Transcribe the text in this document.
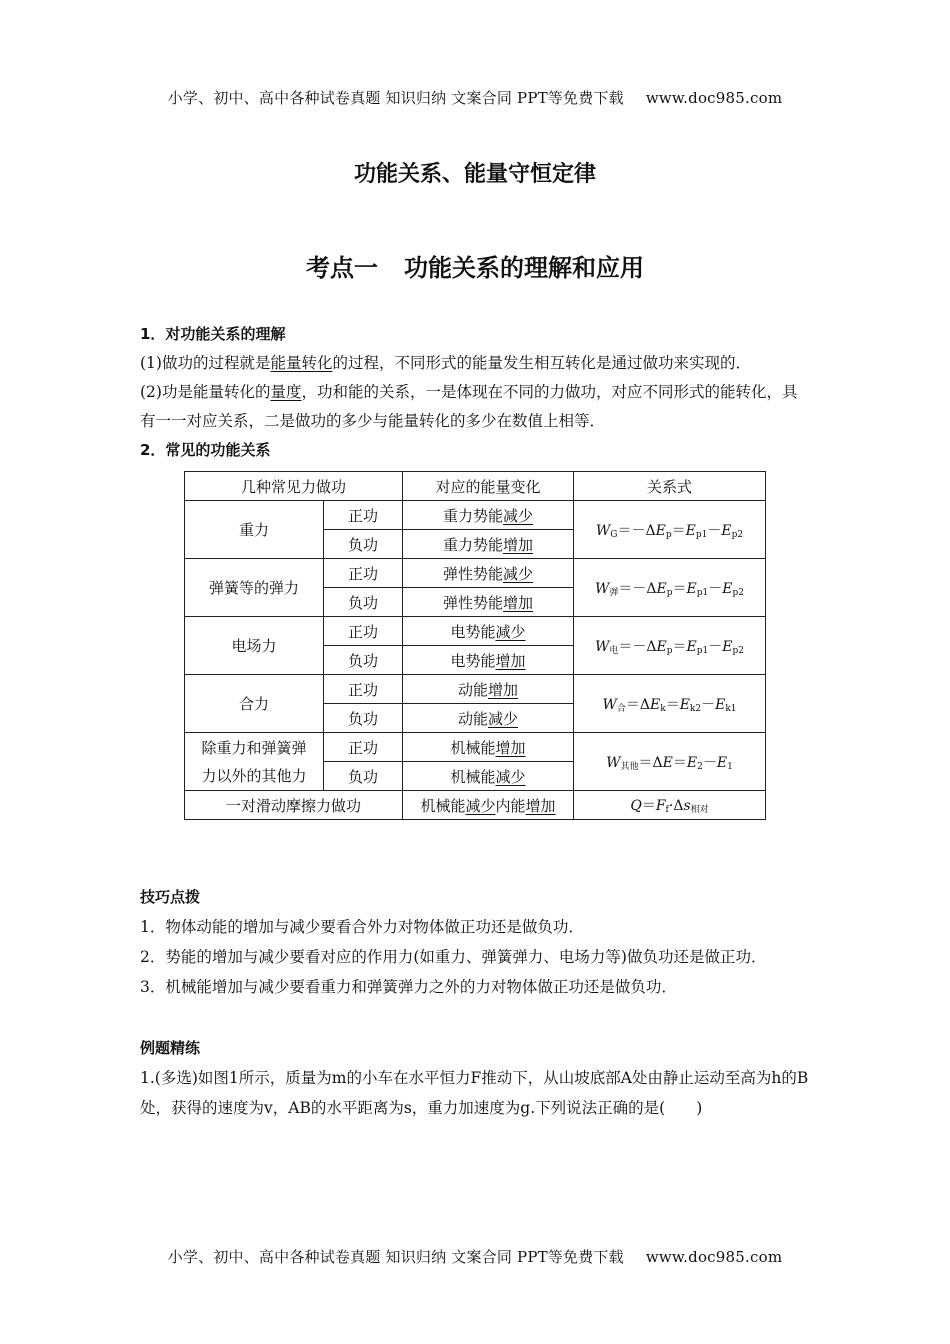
小学、初中、高中各种试卷真题 知识归纳 文案合同 PPT等免费下载 www.doc985.com
功能关系、能量守恒定律
考点一 功能关系的理解和应用
1．对功能关系的理解

(1)做功的过程就是能量转化的过程，不同形式的能量发生相互转化是通过做功来实现的．

(2)功是能量转化的量度，功和能的关系，一是体现在不同的力做功，对应不同形式的能转化，具有一一对应关系，二是做功的多少与能量转化的多少在数值上相等．

2．常见的功能关系
几种常见力做功		对应的能量变化	关系式
重力	正功	重力势能减少	$W_G=-\Delta E_p=E_{p1}-E_{p2}$
	负功	重力势能增加	
弹簧等的弹力	正功	弹性势能减少	$W_弹=-\Delta E_p=E_{p1}-E_{p2}$
	负功	弹性势能增加	
电场力	正功	电势能减少	$W_电=-\Delta E_p=E_{p1}-E_{p2}$
	负功	电势能增加	
合力	正功	动能增加	$W_合=\Delta E_k=E_{k2}-E_{k1}$
	负功	动能减少	
除重力和弹簧弹
力以外的其他力	正功	机械能增加	$W_{其他}=\Delta E=E_2-E_1$
	负功	机械能减少	
一对滑动摩擦力做功		机械能减少内能增加	$Q=F_f\cdot\Delta s_{相对}$
技巧点拨
1．物体动能的增加与减少要看合外力对物体做正功还是做负功．
2．势能的增加与减少要看对应的作用力(如重力、弹簧弹力、电场力等)做负功还是做正功．
3．机械能增加与减少要看重力和弹簧弹力之外的力对物体做正功还是做负功．
例题精练
1.(多选)如图1所示，质量为m的小车在水平恒力F推动下，从山坡底部A处由静止运动至高为h的B处，获得的速度为v，AB的水平距离为s，重力加速度为g.下列说法正确的是(　　)
小学、初中、高中各种试卷真题 知识归纳 文案合同 PPT等免费下载 www.doc985.com
